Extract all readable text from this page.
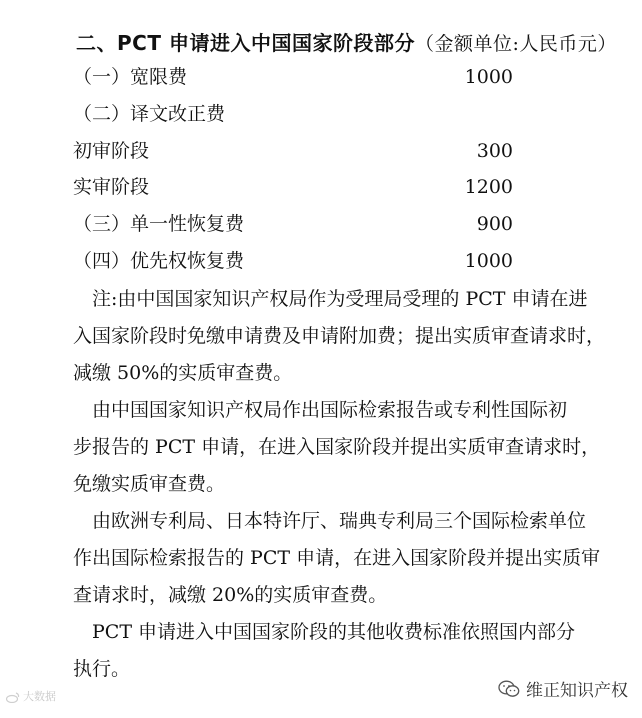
二、PCT 申请进入中国国家阶段部分（金额单位:人民币元）
（一）宽限费	1000
（二）译文改正费
初审阶段	300
实审阶段	1200
（三）单一性恢复费	900
（四）优先权恢复费	1000
　注:由中国国家知识产权局作为受理局受理的 PCT 申请在进
入国家阶段时免缴申请费及申请附加费；提出实质审查请求时，
减缴 50%的实质审查费。
　由中国国家知识产权局作出国际检索报告或专利性国际初
步报告的 PCT 申请，在进入国家阶段并提出实质审查请求时，
免缴实质审查费。
　由欧洲专利局、日本特许厅、瑞典专利局三个国际检索单位
作出国际检索报告的 PCT 申请，在进入国家阶段并提出实质审
查请求时，减缴 20%的实质审查费。
　PCT 申请进入中国国家阶段的其他收费标准依照国内部分
执行。
大数据	维正知识产权
